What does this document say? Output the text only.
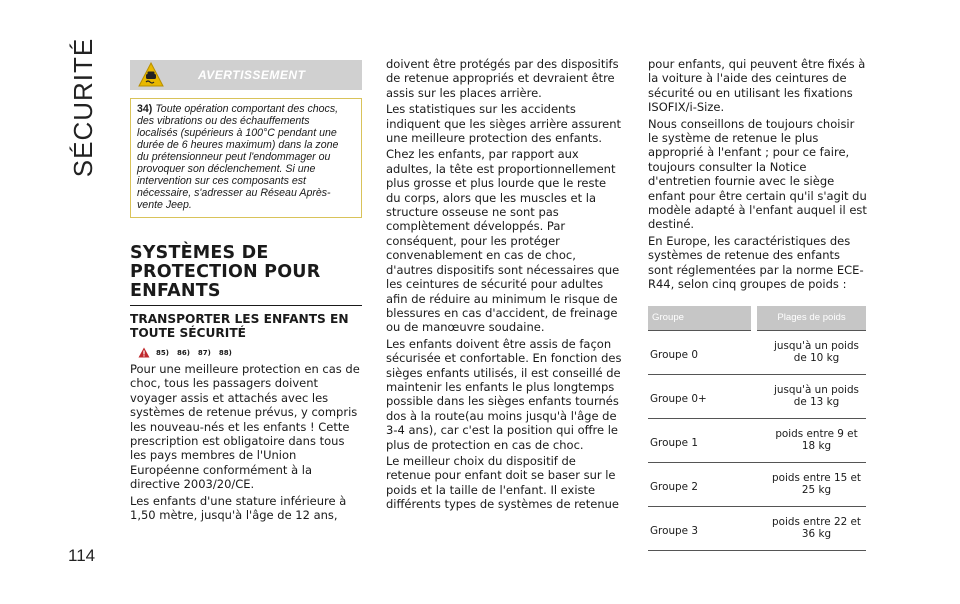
SÉCURITÉ
114
AVERTISSEMENT

34) Toute opération comportant des chocs, des vibrations ou des échauffements localisés (supérieurs à 100°C pendant une durée de 6 heures maximum) dans la zone du prétensionneur peut l'endommager ou provoquer son déclenchement. Si une intervention sur ces composants est nécessaire, s'adresser au Réseau Après-vente Jeep.

SYSTÈMES DE PROTECTION POUR ENFANTS
TRANSPORTER LES ENFANTS EN TOUTE SÉCURITÉ
85) 86) 87) 88)

Pour une meilleure protection en cas de choc, tous les passagers doivent voyager assis et attachés avec les systèmes de retenue prévus, y compris les nouveau-nés et les enfants ! Cette prescription est obligatoire dans tous les pays membres de l'Union Européenne conformément à la directive 2003/20/CE.

Les enfants d'une stature inférieure à 1,50 mètre, jusqu'à l'âge de 12 ans,

doivent être protégés par des dispositifs de retenue appropriés et devraient être assis sur les places arrière.

Les statistiques sur les accidents indiquent que les sièges arrière assurent une meilleure protection des enfants.

Chez les enfants, par rapport aux adultes, la tête est proportionnellement plus grosse et plus lourde que le reste du corps, alors que les muscles et la structure osseuse ne sont pas complètement développés. Par conséquent, pour les protéger convenablement en cas de choc, d'autres dispositifs sont nécessaires que les ceintures de sécurité pour adultes afin de réduire au minimum le risque de blessures en cas d'accident, de freinage ou de manœuvre soudaine.

Les enfants doivent être assis de façon sécurisée et confortable. En fonction des sièges enfants utilisés, il est conseillé de maintenir les enfants le plus longtemps possible dans les sièges enfants tournés dos à la route(au moins jusqu'à l'âge de 3-4 ans), car c'est la position qui offre le plus de protection en cas de choc.

Le meilleur choix du dispositif de retenue pour enfant doit se baser sur le poids et la taille de l'enfant. Il existe différents types de systèmes de retenue

pour enfants, qui peuvent être fixés à la voiture à l'aide des ceintures de sécurité ou en utilisant les fixations ISOFIX/i-Size.

Nous conseillons de toujours choisir le système de retenue le plus approprié à l'enfant ; pour ce faire, toujours consulter la Notice d'entretien fournie avec le siège enfant pour être certain qu'il s'agit du modèle adapté à l'enfant auquel il est destiné.

En Europe, les caractéristiques des systèmes de retenue des enfants sont réglementées par la norme ECE-R44, selon cinq groupes de poids :

Groupe	Plages de poids
Groupe 0	jusqu'à un poids de 10 kg
Groupe 0+	jusqu'à un poids de 13 kg
Groupe 1	poids entre 9 et 18 kg
Groupe 2	poids entre 15 et 25 kg
Groupe 3	poids entre 22 et 36 kg
